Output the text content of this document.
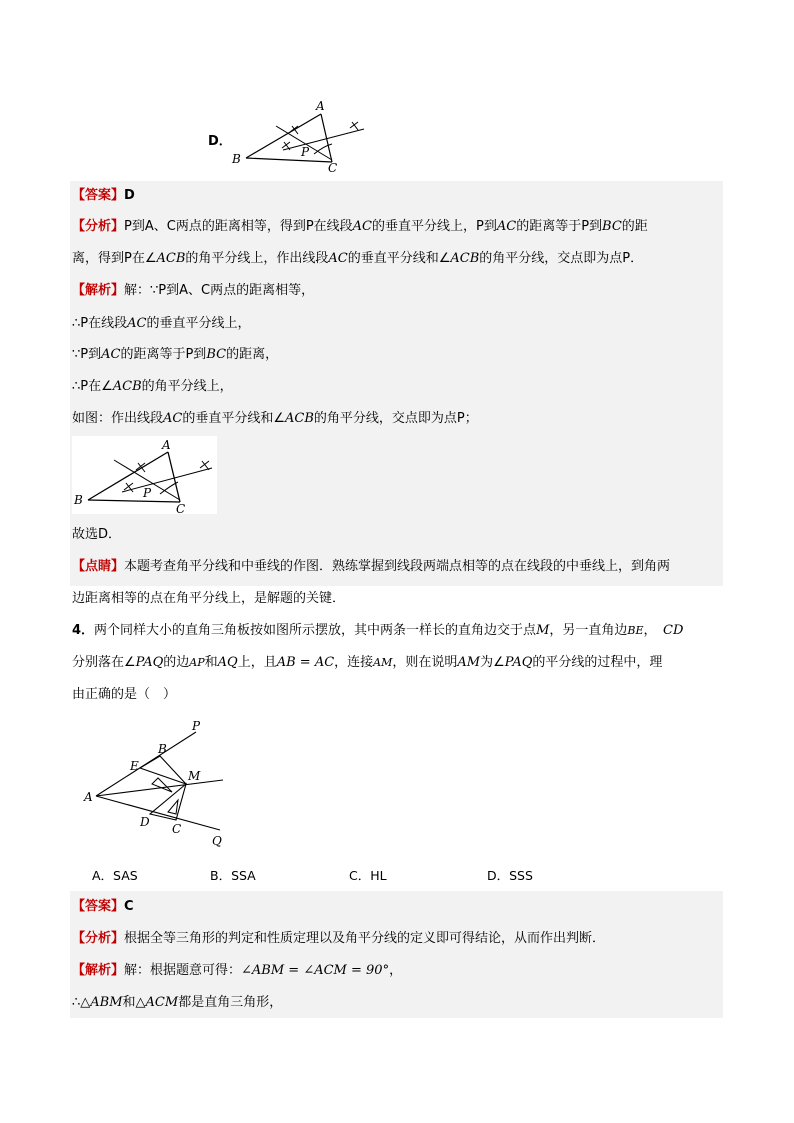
D．
A
B
C
P
【答案】D
【分析】P到A、C两点的距离相等，得到P在线段AC的垂直平分线上，P到AC的距离等于P到BC的距
离，得到P在∠ACB的角平分线上，作出线段AC的垂直平分线和∠ACB的角平分线，交点即为点P．
【解析】解：∵P到A、C两点的距离相等，
∴P在线段AC的垂直平分线上，
∵P到AC的距离等于P到BC的距离，
∴P在∠ACB的角平分线上，
如图：作出线段AC的垂直平分线和∠ACB的角平分线，交点即为点P；
A
B
C
P
故选D．
【点睛】本题考查角平分线和中垂线的作图．熟练掌握到线段两端点相等的点在线段的中垂线上，到角两
边距离相等的点在角平分线上，是解题的关键．
4．两个同样大小的直角三角板按如图所示摆放，其中两条一样长的直角边交于点M，另一直角边BE，　 CD
分别落在∠PAQ的边AP和AQ上，且AB = AC，连接AM，则在说明AM为∠PAQ的平分线的过程中，理
由正确的是（　）
P
B
E
M
A
D C
Q
A．SAS	B．SSA	C．HL	D．SSS
【答案】C
【分析】根据全等三角形的判定和性质定理以及角平分线的定义即可得结论，从而作出判断．
【解析】解：根据题意可得：∠ABM = ∠ACM = 90°，
∴△ABM和△ACM都是直角三角形，
